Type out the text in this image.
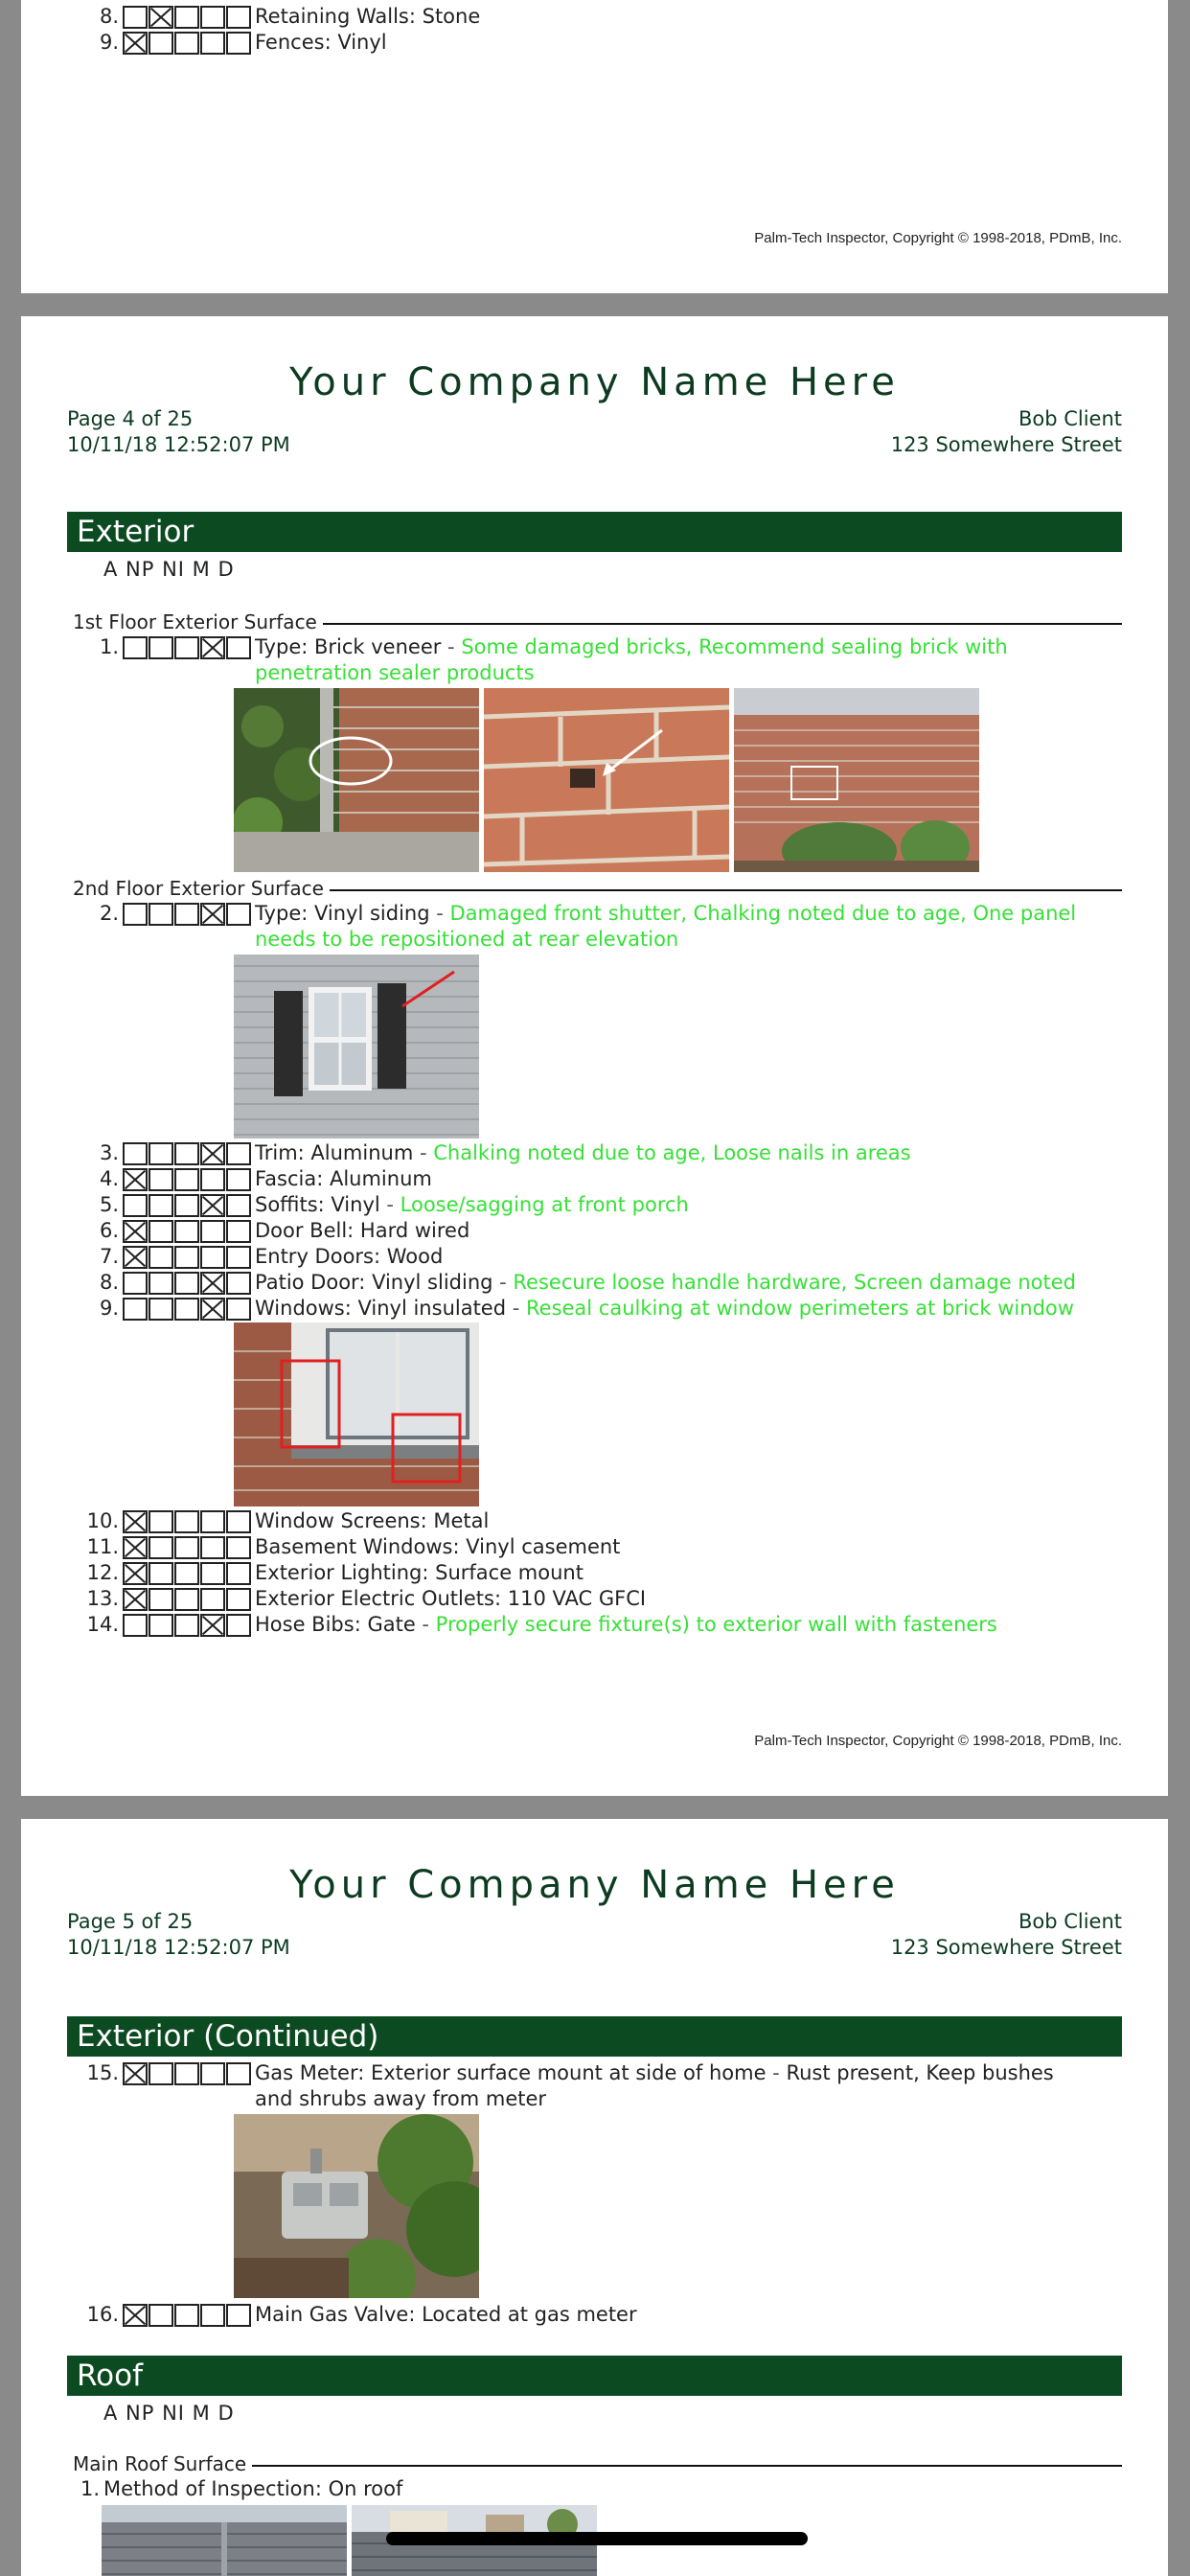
8.	Retaining Walls: Stone
9.	Fences: Vinyl
Palm-Tech Inspector, Copyright © 1998-2018, PDmB, Inc.
Your Company Name Here
Page 4 of 25
10/11/18 12:52:07 PM
Bob Client
123 Somewhere Street
Exterior
A NP NI M D
1st Floor Exterior Surface
1.	Type: Brick veneer - Some damaged bricks, Recommend sealing brick with penetration sealer products
2nd Floor Exterior Surface
2.	Type: Vinyl siding - Damaged front shutter, Chalking noted due to age, One panel needs to be repositioned at rear elevation
3.	Trim: Aluminum - Chalking noted due to age, Loose nails in areas
4.	Fascia: Aluminum
5.	Soffits: Vinyl - Loose/sagging at front porch
6.	Door Bell: Hard wired
7.	Entry Doors: Wood
8.	Patio Door: Vinyl sliding - Resecure loose handle hardware, Screen damage noted
9.	Windows: Vinyl insulated - Reseal caulking at window perimeters at brick window
10.	Window Screens: Metal
11.	Basement Windows: Vinyl casement
12.	Exterior Lighting: Surface mount
13.	Exterior Electric Outlets: 110 VAC GFCI
14.	Hose Bibs: Gate - Properly secure fixture(s) to exterior wall with fasteners
Palm-Tech Inspector, Copyright © 1998-2018, PDmB, Inc.
Your Company Name Here
Page 5 of 25
10/11/18 12:52:07 PM
Bob Client
123 Somewhere Street
Exterior (Continued)
15.	Gas Meter: Exterior surface mount at side of home - Rust present, Keep bushes and shrubs away from meter
16.	Main Gas Valve: Located at gas meter
Roof
A NP NI M D
Main Roof Surface
1. Method of Inspection: On roof
